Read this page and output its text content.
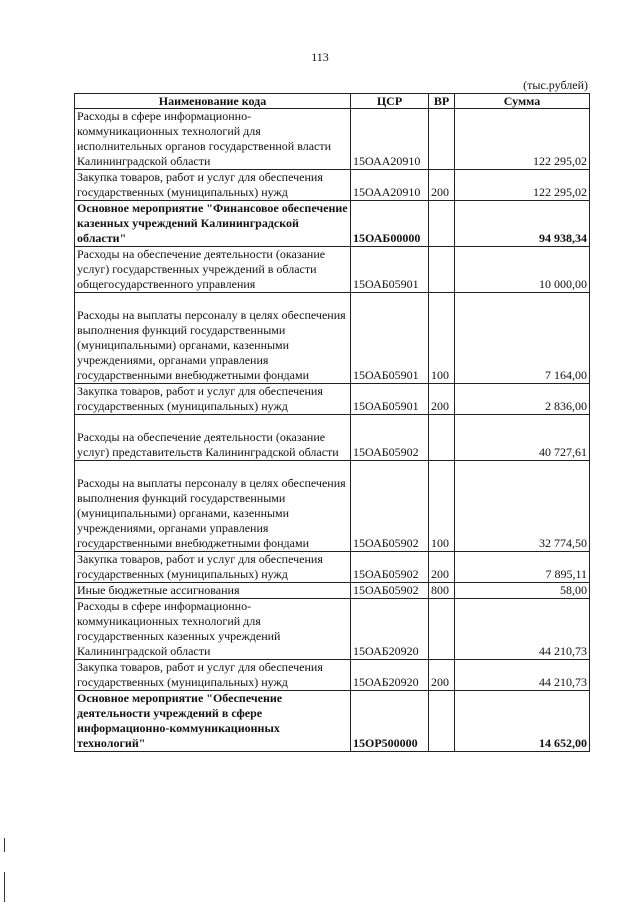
113
(тыс.рублей)
Наименование кода	ЦСР	ВР	Сумма
Расходы в сфере информационно-коммуникационных технологий для исполнительных органов государственной власти Калининградской области	15ОАА20910		122 295,02
Закупка товаров, работ и услуг для обеспечения государственных (муниципальных) нужд	15ОАА20910	200	122 295,02
Основное мероприятие "Финансовое обеспечение казенных учреждений Калининградской области"	15ОАБ00000		94 938,34
Расходы на обеспечение деятельности (оказание услуг) государственных учреждений в области общегосударственного управления	15ОАБ05901		10 000,00
Расходы на выплаты персоналу в целях обеспечения выполнения функций государственными (муниципальными) органами, казенными учреждениями, органами управления государственными внебюджетными фондами	15ОАБ05901	100	7 164,00
Закупка товаров, работ и услуг для обеспечения государственных (муниципальных) нужд	15ОАБ05901	200	2 836,00
Расходы на обеспечение деятельности (оказание услуг) представительств Калининградской области	15ОАБ05902		40 727,61
Расходы на выплаты персоналу в целях обеспечения выполнения функций государственными (муниципальными) органами, казенными учреждениями, органами управления государственными внебюджетными фондами	15ОАБ05902	100	32 774,50
Закупка товаров, работ и услуг для обеспечения государственных (муниципальных) нужд	15ОАБ05902	200	7 895,11
Иные бюджетные ассигнования	15ОАБ05902	800	58,00
Расходы в сфере информационно-коммуникационных технологий для государственных казенных учреждений Калининградской области	15ОАБ20920		44 210,73
Закупка товаров, работ и услуг для обеспечения государственных (муниципальных) нужд	15ОАБ20920	200	44 210,73
Основное мероприятие "Обеспечение деятельности учреждений в сфере информационно-коммуникационных технологий"	15ОР500000		14 652,00
